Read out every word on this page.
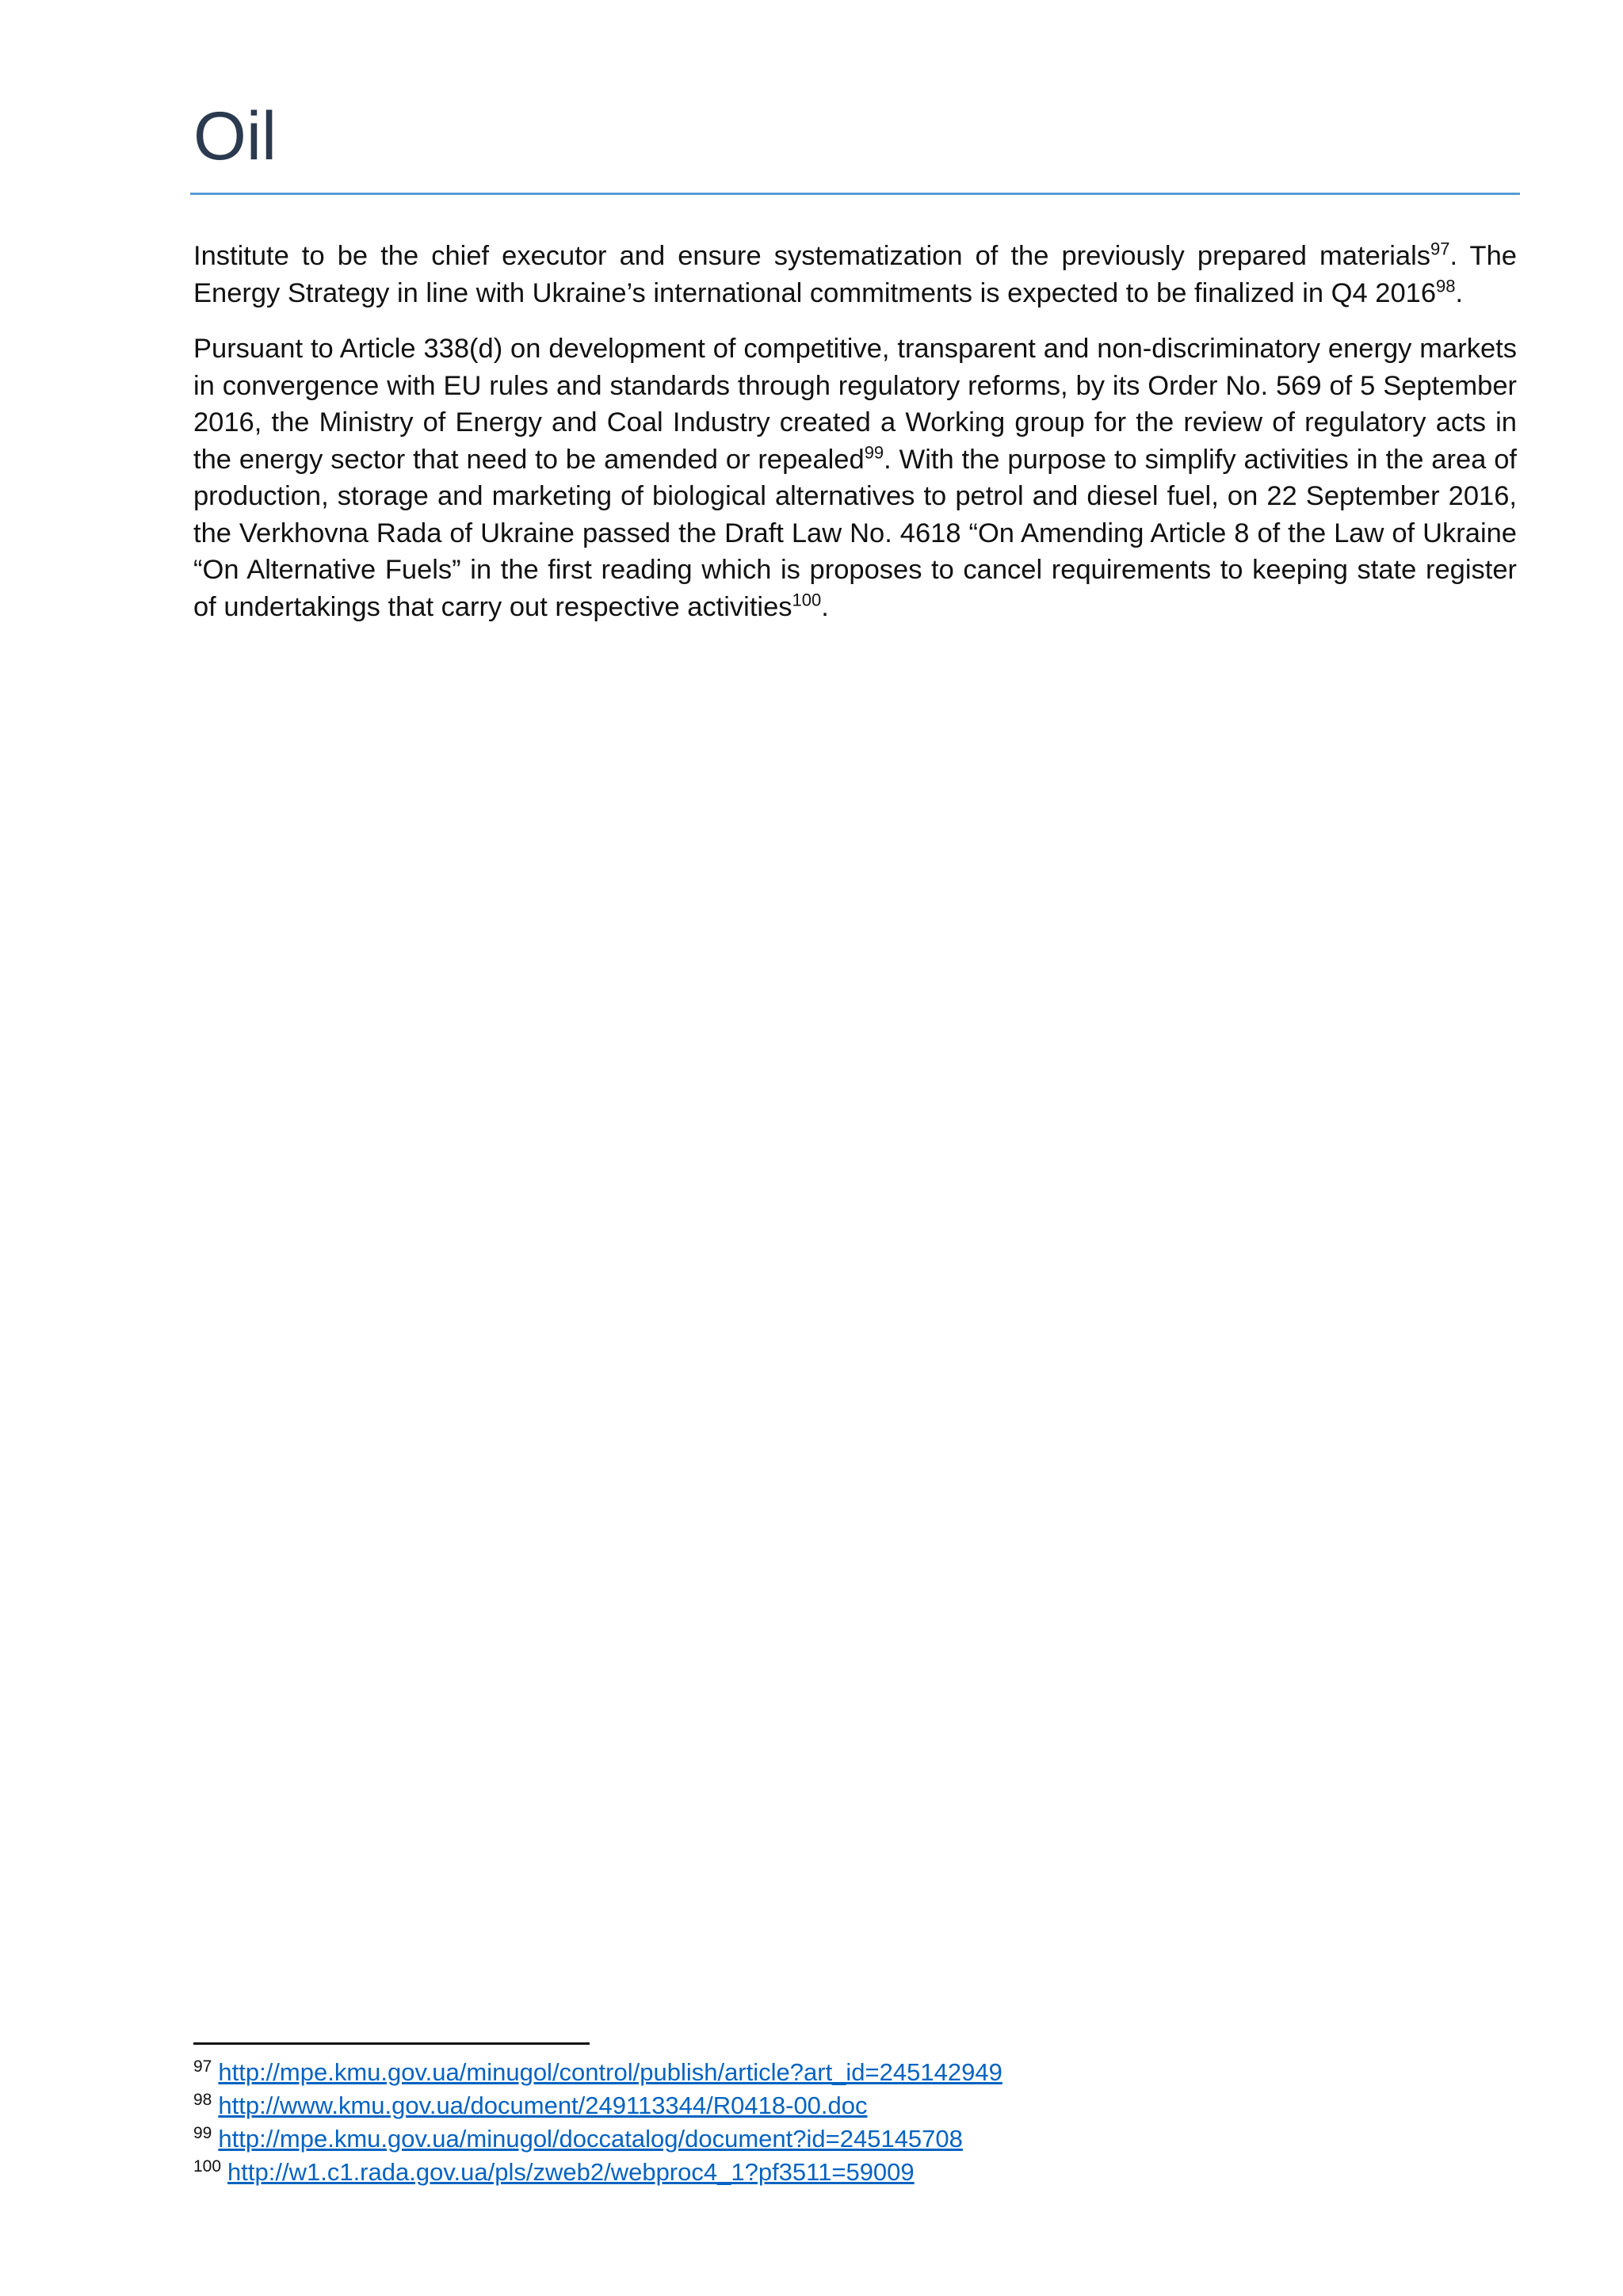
Oil

Institute to be the chief executor and ensure systematization of the previously prepared materials$^{97}$. The Energy Strategy in line with Ukraine’s international commitments is expected to be finalized in Q4 2016$^{98}$.

Pursuant to Article 338(d) on development of competitive, transparent and non-discriminatory energy markets in convergence with EU rules and standards through regulatory reforms, by its Order No. 569 of 5 September 2016, the Ministry of Energy and Coal Industry created a Working group for the review of regulatory acts in the energy sector that need to be amended or repealed$^{99}$. With the purpose to simplify activities in the area of production, storage and marketing of biological alternatives to petrol and diesel fuel, on 22 September 2016, the Verkhovna Rada of Ukraine passed the Draft Law No. 4618 “On Amending Article 8 of the Law of Ukraine “On Alternative Fuels” in the first reading which is proposes to cancel requirements to keeping state register of undertakings that carry out respective activities$^{100}$.

$^{97}$ http://mpe.kmu.gov.ua/minugol/control/publish/article?art_id=245142949
$^{98}$ http://www.kmu.gov.ua/document/249113344/R0418-00.doc
$^{99}$ http://mpe.kmu.gov.ua/minugol/doccatalog/document?id=245145708
$^{100}$ http://w1.c1.rada.gov.ua/pls/zweb2/webproc4_1?pf3511=59009
